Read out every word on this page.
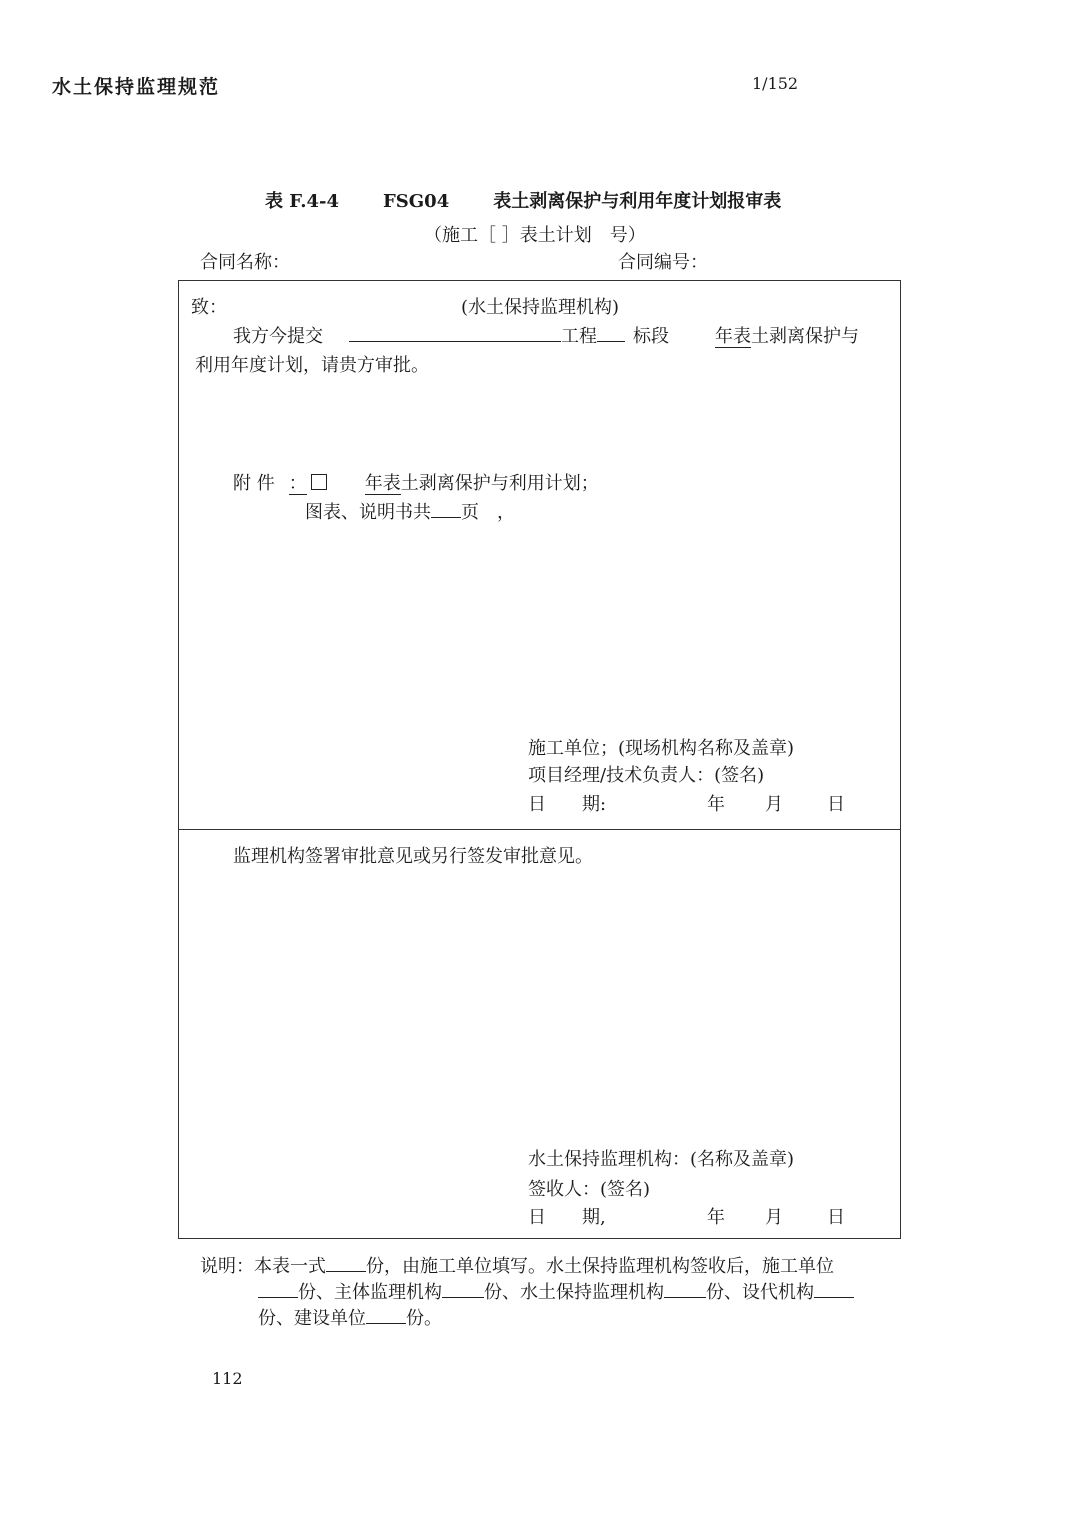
水土保持监理规范	1/152
表 F.4-4 FSG04 表土剥离保护与利用年度计划报审表
（施工［ ］表土计划　号）
合同名称：	合同编号：
致：	(水土保持监理机构)
我方今提交	工程 标段	年表土剥离保护与
利用年度计划，请贵方审批。
附 件 ：	年表土剥离保护与利用计划；
图表、说明书共 页　，
施工单位；(现场机构名称及盖章)
项目经理/技术负责人：(签名)
日　　期:	年 月 日
监理机构签署审批意见或另行签发审批意见。
水土保持监理机构：(名称及盖章)
签收人：(签名)
日　　期,	年 月 日
说明：本表一式 份，由施工单位填写。水土保持监理机构签收后，施工单位
份、主体监理机构 份、水土保持监理机构 份、设代机构
份、建设单位 份。
112
